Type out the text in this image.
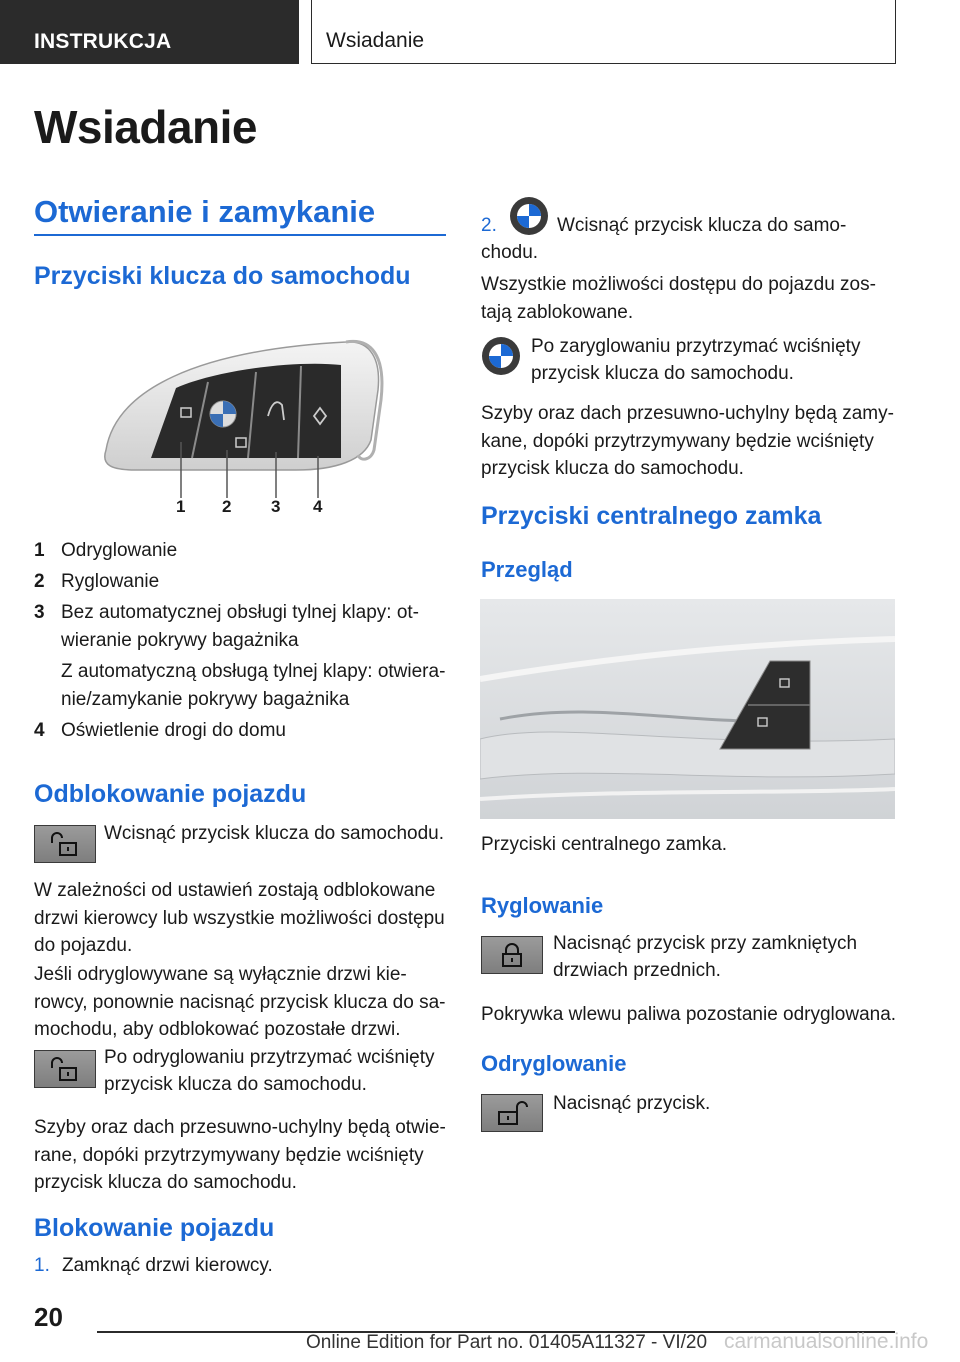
INSTRUKCJA	Wsiadanie
Wsiadanie
Otwieranie i zamykanie
Przyciski klucza do samochodu
1 2 3 4
1 Odryglowanie
2 Ryglowanie
3 Bez automatycznej obsługi tylnej klapy: ot-
wieranie pokrywy bagażnika
Z automatyczną obsługą tylnej klapy: otwiera-
nie/zamykanie pokrywy bagażnika
4 Oświetlenie drogi do domu
Odblokowanie pojazdu
Wcisnąć przycisk klucza do samochodu.
W zależności od ustawień zostają odblokowane
drzwi kierowcy lub wszystkie możliwości dostępu
do pojazdu.
Jeśli odryglowywane są wyłącznie drzwi kie-
rowcy, ponownie nacisnąć przycisk klucza do sa-
mochodu, aby odblokować pozostałe drzwi.
Po odryglowaniu przytrzymać wciśnięty
przycisk klucza do samochodu.
Szyby oraz dach przesuwno-uchylny będą otwie-
rane, dopóki przytrzymywany będzie wciśnięty
przycisk klucza do samochodu.
Blokowanie pojazdu
1. Zamknąć drzwi kierowcy.
2.	Wcisnąć przycisk klucza do samo-
chodu.
Wszystkie możliwości dostępu do pojazdu zos-
tają zablokowane.
Po zaryglowaniu przytrzymać wciśnięty
przycisk klucza do samochodu.
Szyby oraz dach przesuwno-uchylny będą zamy-
kane, dopóki przytrzymywany będzie wciśnięty
przycisk klucza do samochodu.
Przyciski centralnego zamka
Przegląd
Przyciski centralnego zamka.
Ryglowanie
Nacisnąć przycisk przy zamkniętych
drzwiach przednich.
Pokrywka wlewu paliwa pozostanie odryglowana.
Odryglowanie
Nacisnąć przycisk.
20
Online Edition for Part no. 01405A11327 - VI/20 carmanualsonline.info
